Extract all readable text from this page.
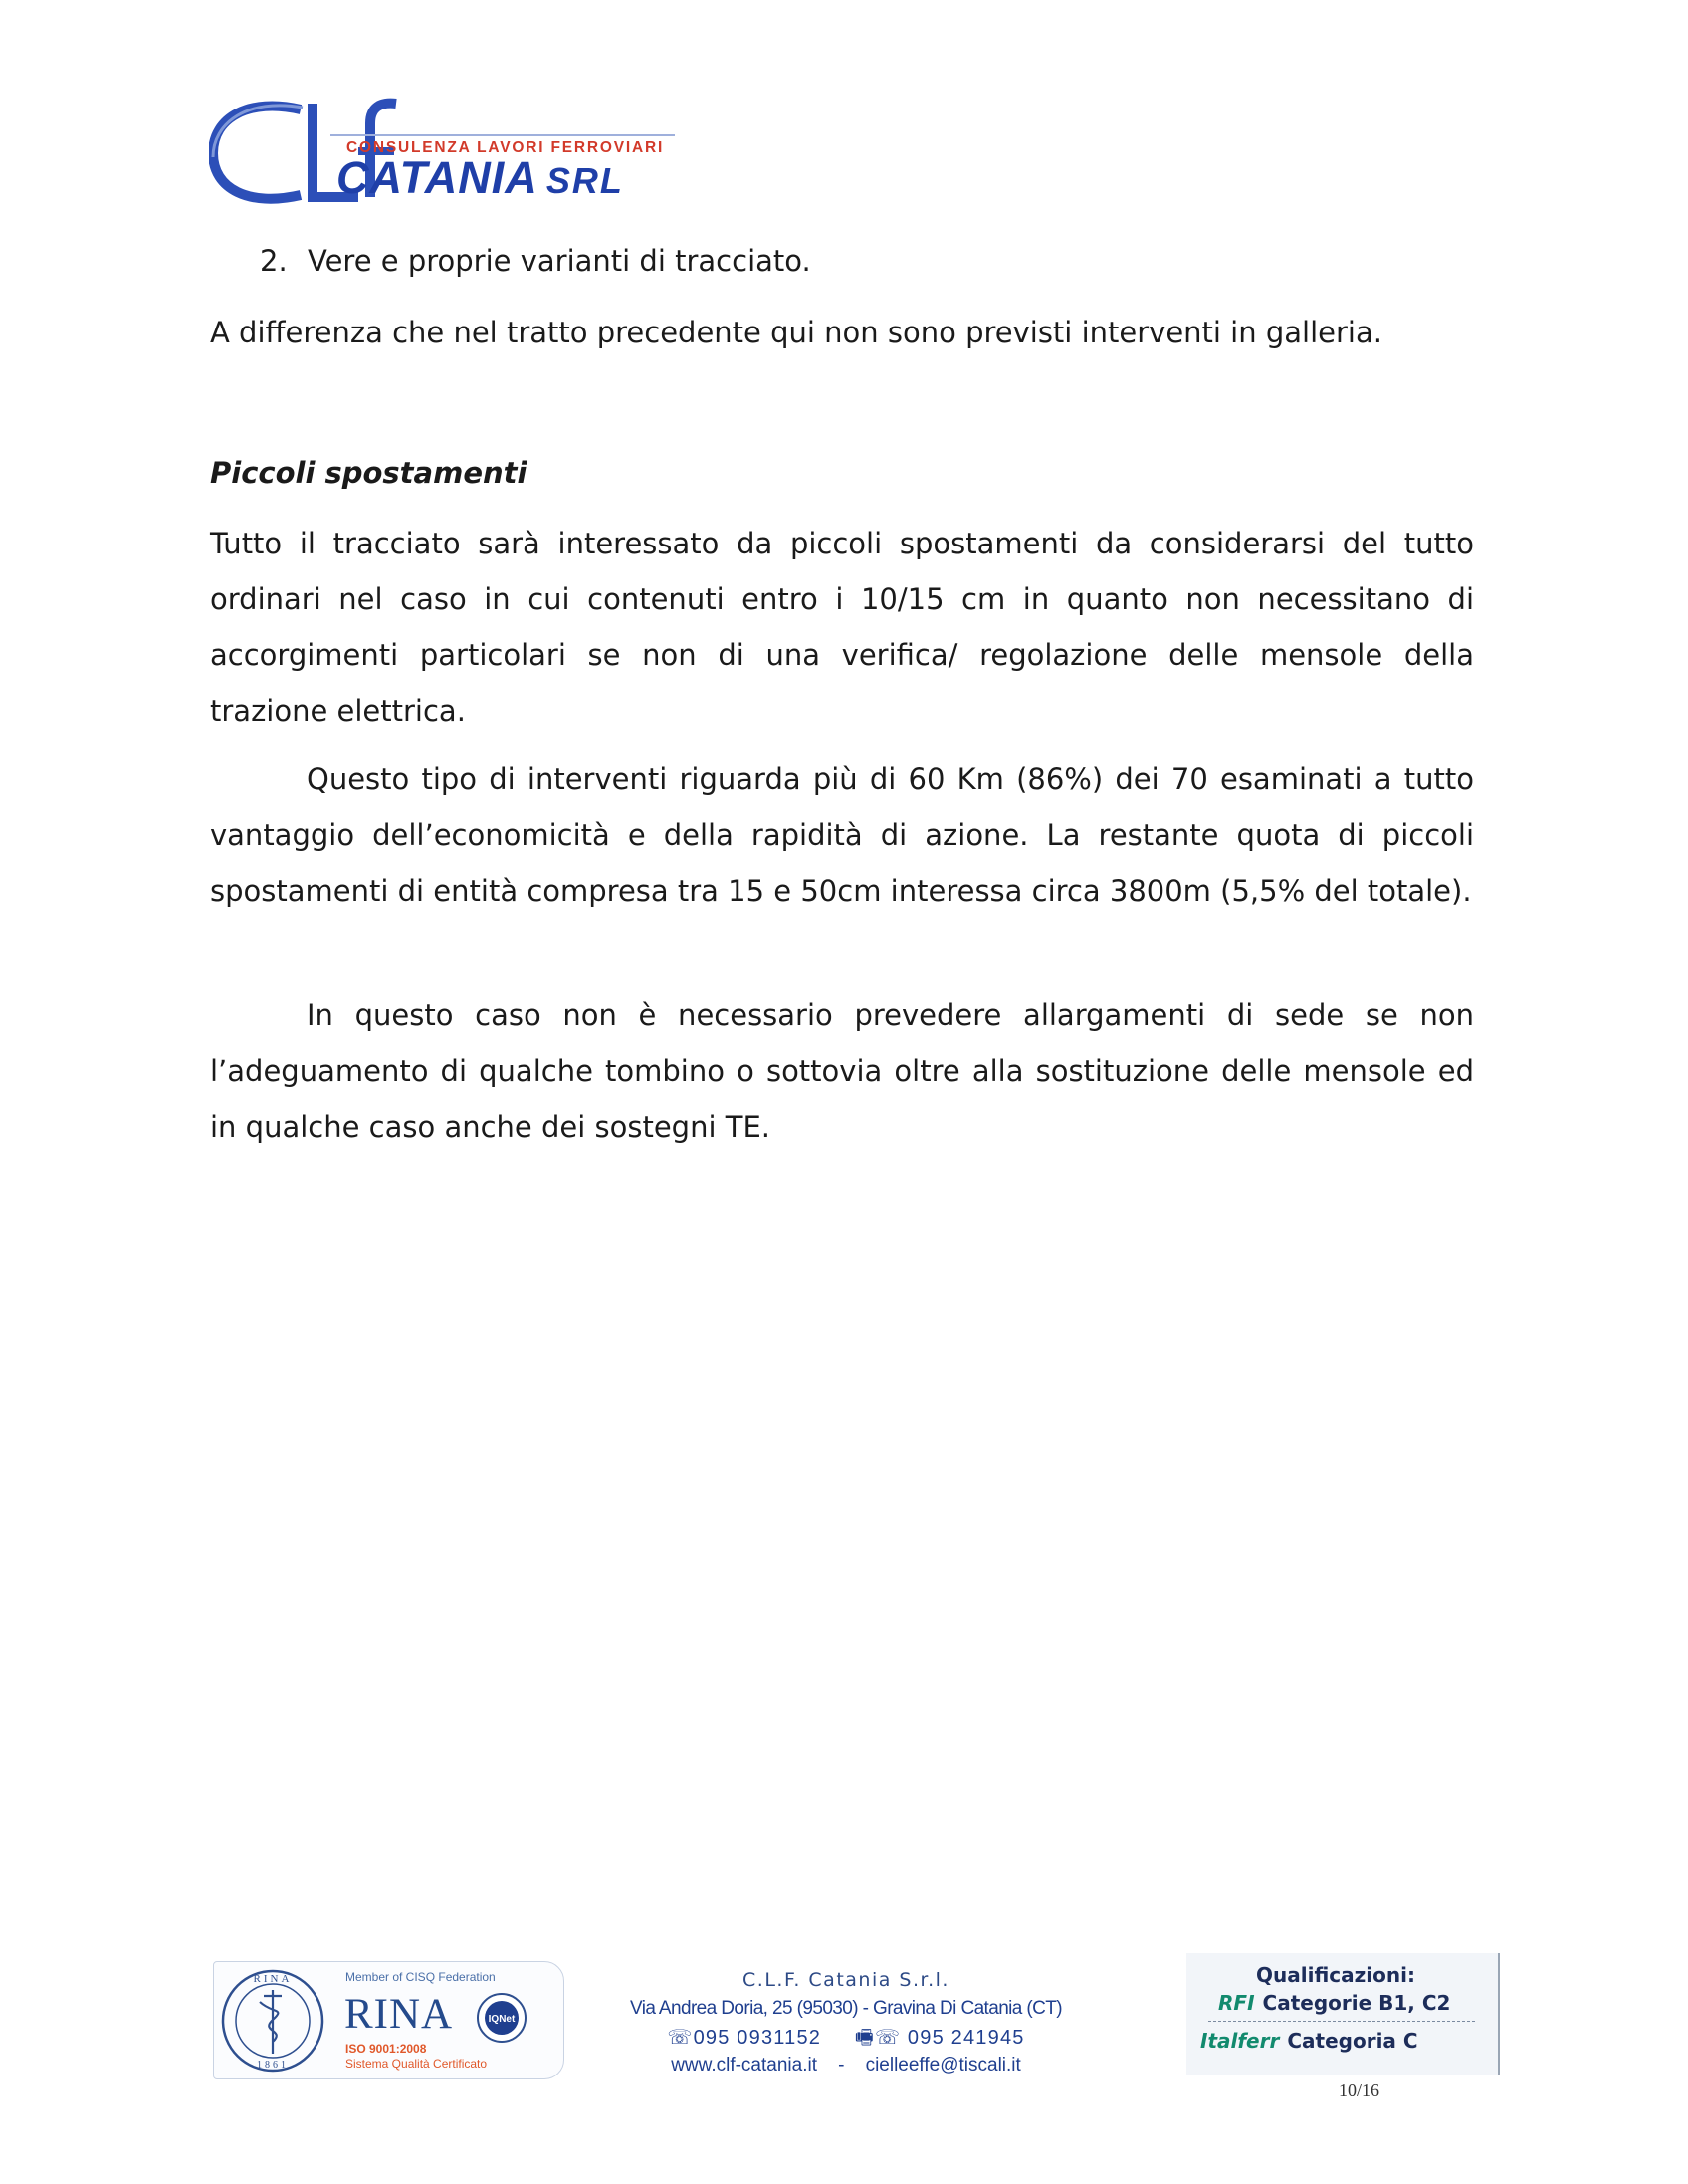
CONSULENZA LAVORI FERROVIARI
CATANIA SRL

2. Vere e proprie varianti di tracciato.

A differenza che nel tratto precedente qui non sono previsti interventi in galleria.

Piccoli spostamenti

Tutto il tracciato sarà interessato da piccoli spostamenti da considerarsi del tutto ordinari nel caso in cui contenuti entro i 10/15 cm in quanto non necessitano di accorgimenti particolari se non di una verifica/ regolazione delle mensole della trazione elettrica.

Questo tipo di interventi riguarda più di 60 Km (86%) dei 70 esaminati a tutto vantaggio dell’economicità e della rapidità di azione. La restante quota di piccoli spostamenti di entità compresa tra 15 e 50cm interessa circa 3800m (5,5% del totale).

In questo caso non è necessario prevedere allargamenti di sede se non l’adeguamento di qualche tombino o sottovia oltre alla sostituzione delle mensole ed in qualche caso anche dei sostegni TE.

RINA
1861
Member of CISQ Federation
RINA
ISO 9001:2008
Sistema Qualità Certificato
IQNet
C.L.F. Catania S.r.l.
Via Andrea Doria, 25 (95030) - Gravina Di Catania (CT)
☏095 0931152 🖷☏ 095 241945
www.clf-catania.it - cielleeffe@tiscali.it
Qualificazioni:
RFI Categorie B1, C2
Italferr Categoria C
10/16
